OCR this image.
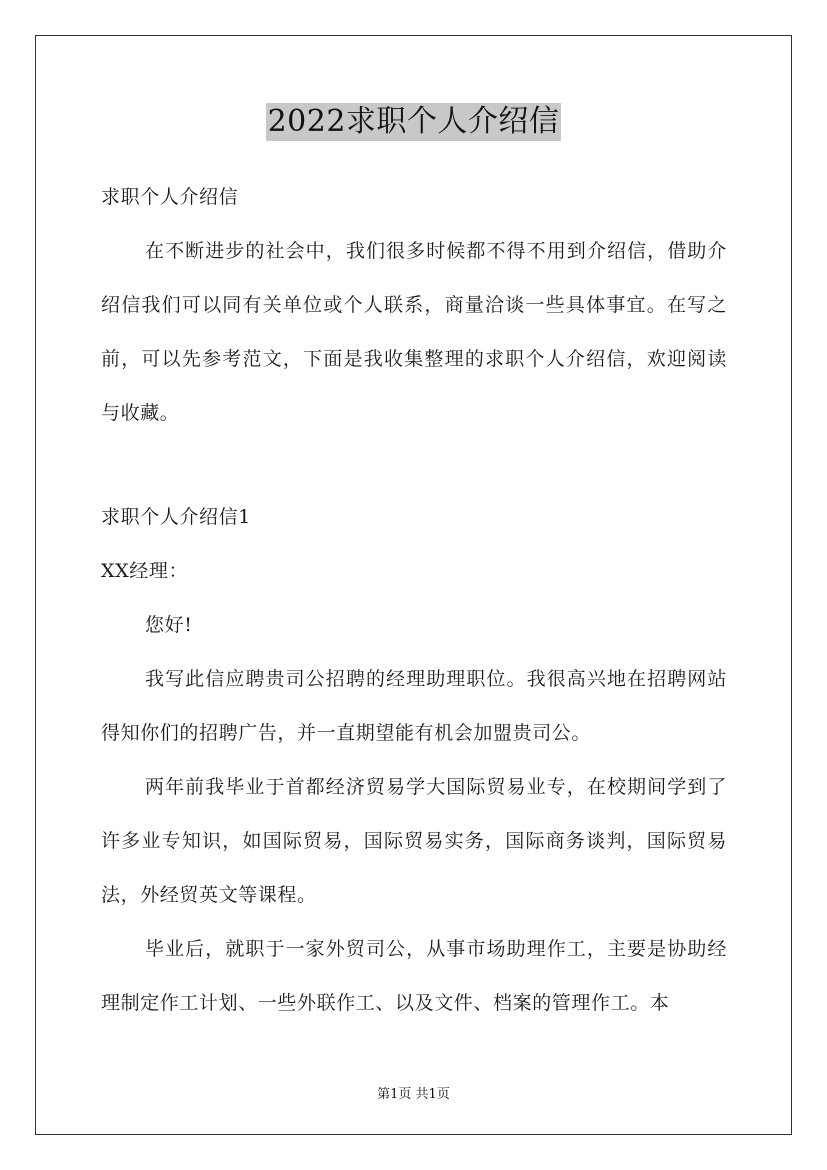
2022求职个人介绍信

求职个人介绍信

在不断进步的社会中，我们很多时候都不得不用到介绍信，借助介绍信我们可以同有关单位或个人联系，商量洽谈一些具体事宜。在写之前，可以先参考范文，下面是我收集整理的求职个人介绍信，欢迎阅读与收藏。

求职个人介绍信1

XX经理：

您好!

我写此信应聘贵司公招聘的经理助理职位。我很高兴地在招聘网站得知你们的招聘广告，并一直期望能有机会加盟贵司公。

两年前我毕业于首都经济贸易学大国际贸易业专，在校期间学到了许多业专知识，如国际贸易，国际贸易实务，国际商务谈判，国际贸易法，外经贸英文等课程。

毕业后，就职于一家外贸司公，从事市场助理作工，主要是协助经理制定作工计划、一些外联作工、以及文件、档案的管理作工。本

第1页 共1页
